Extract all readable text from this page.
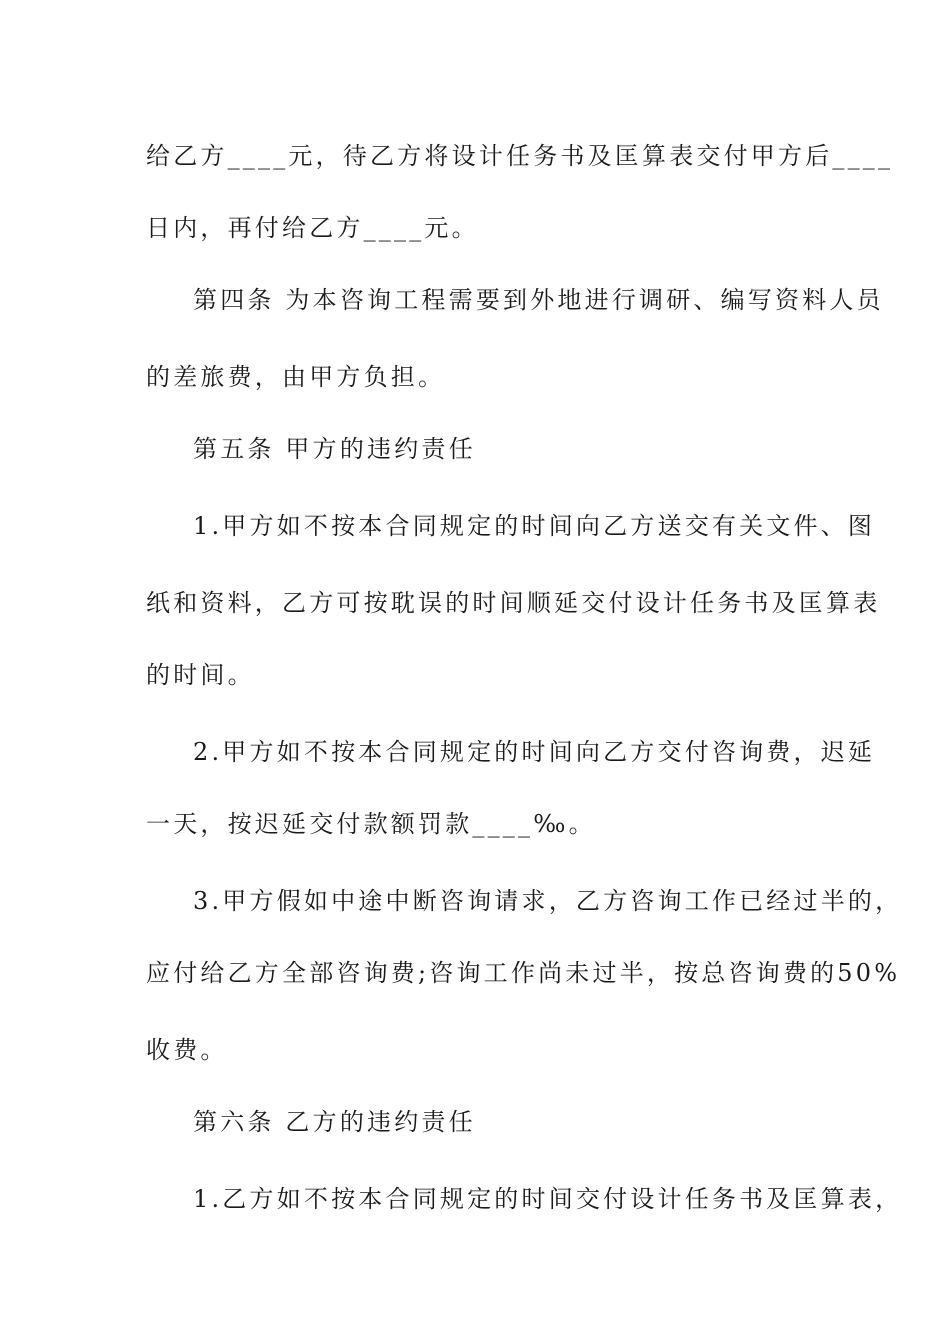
给乙方____元，待乙方将设计任务书及匡算表交付甲方后____
日内，再付给乙方____元。
第四条 为本咨询工程需要到外地进行调研、编写资料人员
的差旅费，由甲方负担。
第五条 甲方的违约责任
1.甲方如不按本合同规定的时间向乙方送交有关文件、图
纸和资料，乙方可按耽误的时间顺延交付设计任务书及匡算表
的时间。
2.甲方如不按本合同规定的时间向乙方交付咨询费，迟延
一天，按迟延交付款额罚款____‰。
3.甲方假如中途中断咨询请求，乙方咨询工作已经过半的，
应付给乙方全部咨询费;咨询工作尚未过半，按总咨询费的50%
收费。
第六条 乙方的违约责任
1.乙方如不按本合同规定的时间交付设计任务书及匡算表，
